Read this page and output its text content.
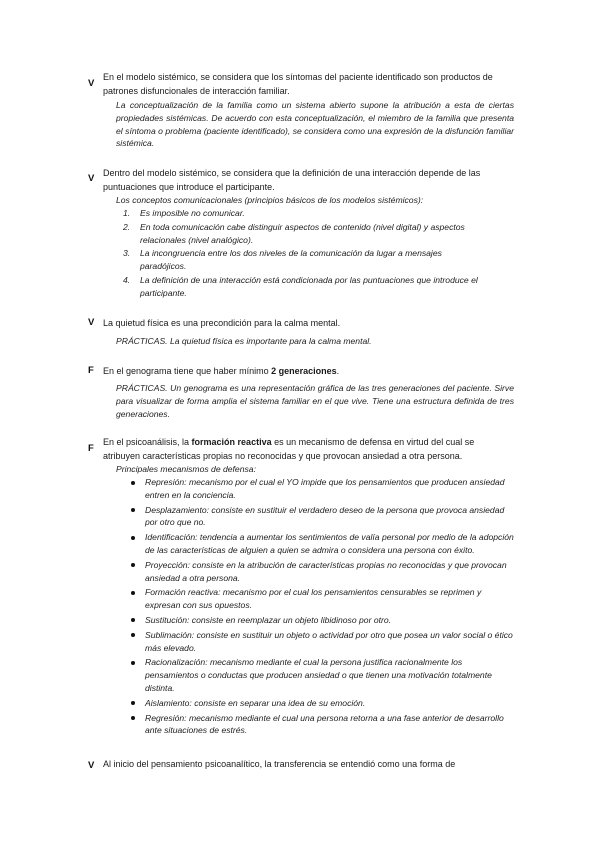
V
En el modelo sistémico, se considera que los síntomas del paciente identificado son productos de patrones disfuncionales de interacción familiar.
La conceptualización de la familia como un sistema abierto supone la atribución a esta de ciertas propiedades sistémicas. De acuerdo con esta conceptualización, el miembro de la familia que presenta el síntoma o problema (paciente identificado), se considera como una expresión de la disfunción familiar sistémica.
V Dentro del modelo sistémico, se considera que la definición de una interacción depende de las puntuaciones que introduce el participante.
Los conceptos comunicacionales (principios básicos de los modelos sistémicos):
1. Es imposible no comunicar.
2. En toda comunicación cabe distinguir aspectos de contenido (nivel digital) y aspectos relacionales (nivel analógico).
3. La incongruencia entre los dos niveles de la comunicación da lugar a mensajes paradójicos.
4. La definición de una interacción está condicionada por las puntuaciones que introduce el participante.
V La quietud física es una precondición para la calma mental.
PRÁCTICAS. La quietud física es importante para la calma mental.
F En el genograma tiene que haber mínimo 2 generaciones.
PRÁCTICAS. Un genograma es una representación gráfica de las tres generaciones del paciente. Sirve para visualizar de forma amplia el sistema familiar en el que vive. Tiene una estructura definida de tres generaciones.
F
En el psicoanálisis, la formación reactiva es un mecanismo de defensa en virtud del cual se atribuyen características propias no reconocidas y que provocan ansiedad a otra persona.
Principales mecanismos de defensa:
Represión: mecanismo por el cual el YO impide que los pensamientos que producen ansiedad entren en la conciencia.
Desplazamiento: consiste en sustituir el verdadero deseo de la persona que provoca ansiedad por otro que no.
Identificación: tendencia a aumentar los sentimientos de valía personal por medio de la adopción de las características de alguien a quien se admira o considera una persona con éxito.
Proyección: consiste en la atribución de características propias no reconocidas y que provocan ansiedad a otra persona.
Formación reactiva: mecanismo por el cual los pensamientos censurables se reprimen y expresan con sus opuestos.
Sustitución: consiste en reemplazar un objeto libidinoso por otro.
Sublimación: consiste en sustituir un objeto o actividad por otro que posea un valor social o ético más elevado.
Racionalización: mecanismo mediante el cual la persona justifica racionalmente los pensamientos o conductas que producen ansiedad o que tienen una motivación totalmente distinta.
Aislamiento: consiste en separar una idea de su emoción.
Regresión: mecanismo mediante el cual una persona retorna a una fase anterior de desarrollo ante situaciones de estrés.
V Al inicio del pensamiento psicoanalítico, la transferencia se entendió como una forma de
